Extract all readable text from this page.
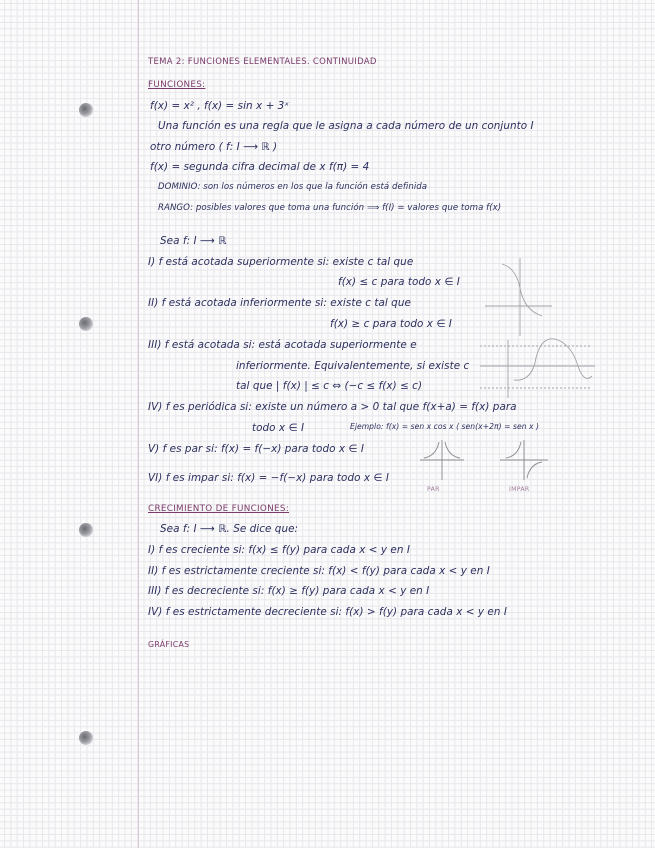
TEMA 2: FUNCIONES ELEMENTALES. CONTINUIDAD
FUNCIONES:
f(x) = x² , f(x) = sin x + 3ˣ
Una función es una regla que le asigna a cada número de un conjunto I
otro número ( f: I ⟶ ℝ )
f(x) = segunda cifra decimal de x f(π) = 4
DOMINIO: son los números en los que la función está definida
RANGO: posibles valores que toma una función ⟹ f(I) = valores que toma f(x)
Sea f: I ⟶ ℝ
I) f está acotada superiormente si: existe c tal que
f(x) ≤ c para todo x ∈ I
II) f está acotada inferiormente si: existe c tal que
f(x) ≥ c para todo x ∈ I
III) f está acotada si: está acotada superiormente e
inferiormente. Equivalentemente, si existe c
tal que | f(x) | ≤ c ⇔ (−c ≤ f(x) ≤ c)
IV) f es periódica si: existe un número a > 0 tal que f(x+a) = f(x) para
todo x ∈ I	Ejemplo: f(x) = sen x cos x ( sen(x+2π) = sen x )
V) f es par si: f(x) = f(−x) para todo x ∈ I
VI) f es impar si: f(x) = −f(−x) para todo x ∈ I
CRECIMIENTO DE FUNCIONES:
Sea f: I ⟶ ℝ. Se dice que:
I) f es creciente si: f(x) ≤ f(y) para cada x < y en I
II) f es estrictamente creciente si: f(x) < f(y) para cada x < y en I
III) f es decreciente si: f(x) ≥ f(y) para cada x < y en I
IV) f es estrictamente decreciente si: f(x) > f(y) para cada x < y en I
GRÁFICAS
PAR	IMPAR
